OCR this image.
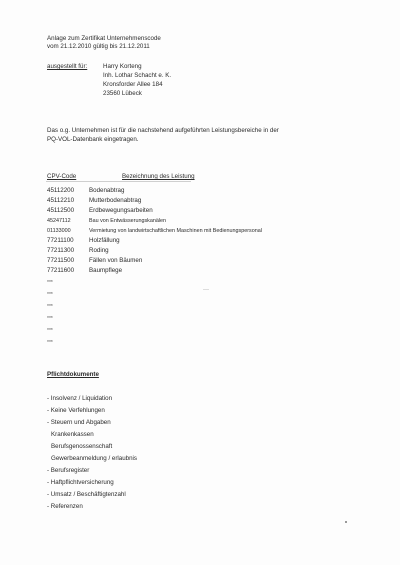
Anlage zum Zertifikat Unternehmenscode
vom 21.12.2010 gültig bis 21.12.2011
ausgestellt für:	Harry Korteng
Inh. Lothar Schacht e. K.
Kronsforder Allee 184
23560 Lübeck
Das o.g. Unternehmen ist für die nachstehend aufgeführten Leistungsbereiche in der
PQ-VOL-Datenbank eingetragen.
CPV-Code	Bezeichnung des Leistung
45112200 Bodenabtrag
45112210 Mutterbodenabtrag
45112500 Erdbewegungsarbeiten
45247112	Bau von Entwässerungskanälen
01133000	Vermietung von landwirtschaftlichen Maschinen mit Bedienungspersonal
77211100 Holzfällung
77211300 Roding
77211500 Fällen von Bäumen
77211600 Baumpflege
***
***
***
***
***
***
Pflichtdokumente
- Insolvenz / Liquidation
- Keine Verfehlungen
- Steuern und Abgaben
Krankenkassen
Berufsgenossenschaft
Gewerbeanmeldung / erlaubnis
- Berufsregister
- Haftpflichtversicherung
- Umsatz / Beschäftigtenzahl
- Referenzen
